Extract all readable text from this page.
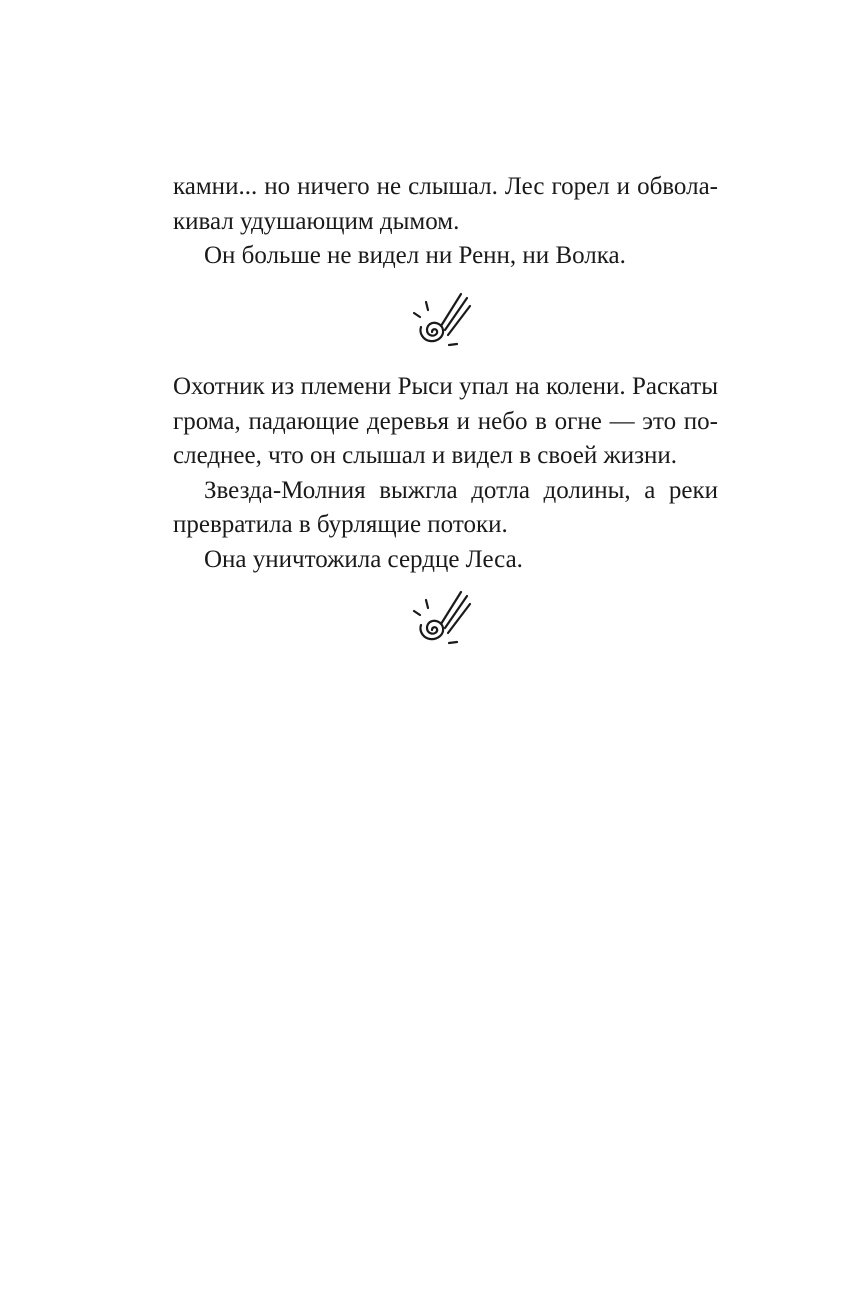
камни... но ничего не слышал. Лес горел и обвола-
кивал удушающим дымом.
Он больше не видел ни Ренн, ни Волка.
Охотник из племени Рыси упал на колени. Раскаты
грома, падающие деревья и небо в огне — это по-
следнее, что он слышал и видел в своей жизни.
Звезда-Молния выжгла дотла долины, а реки
превратила в бурлящие потоки.
Она уничтожила сердце Леса.
